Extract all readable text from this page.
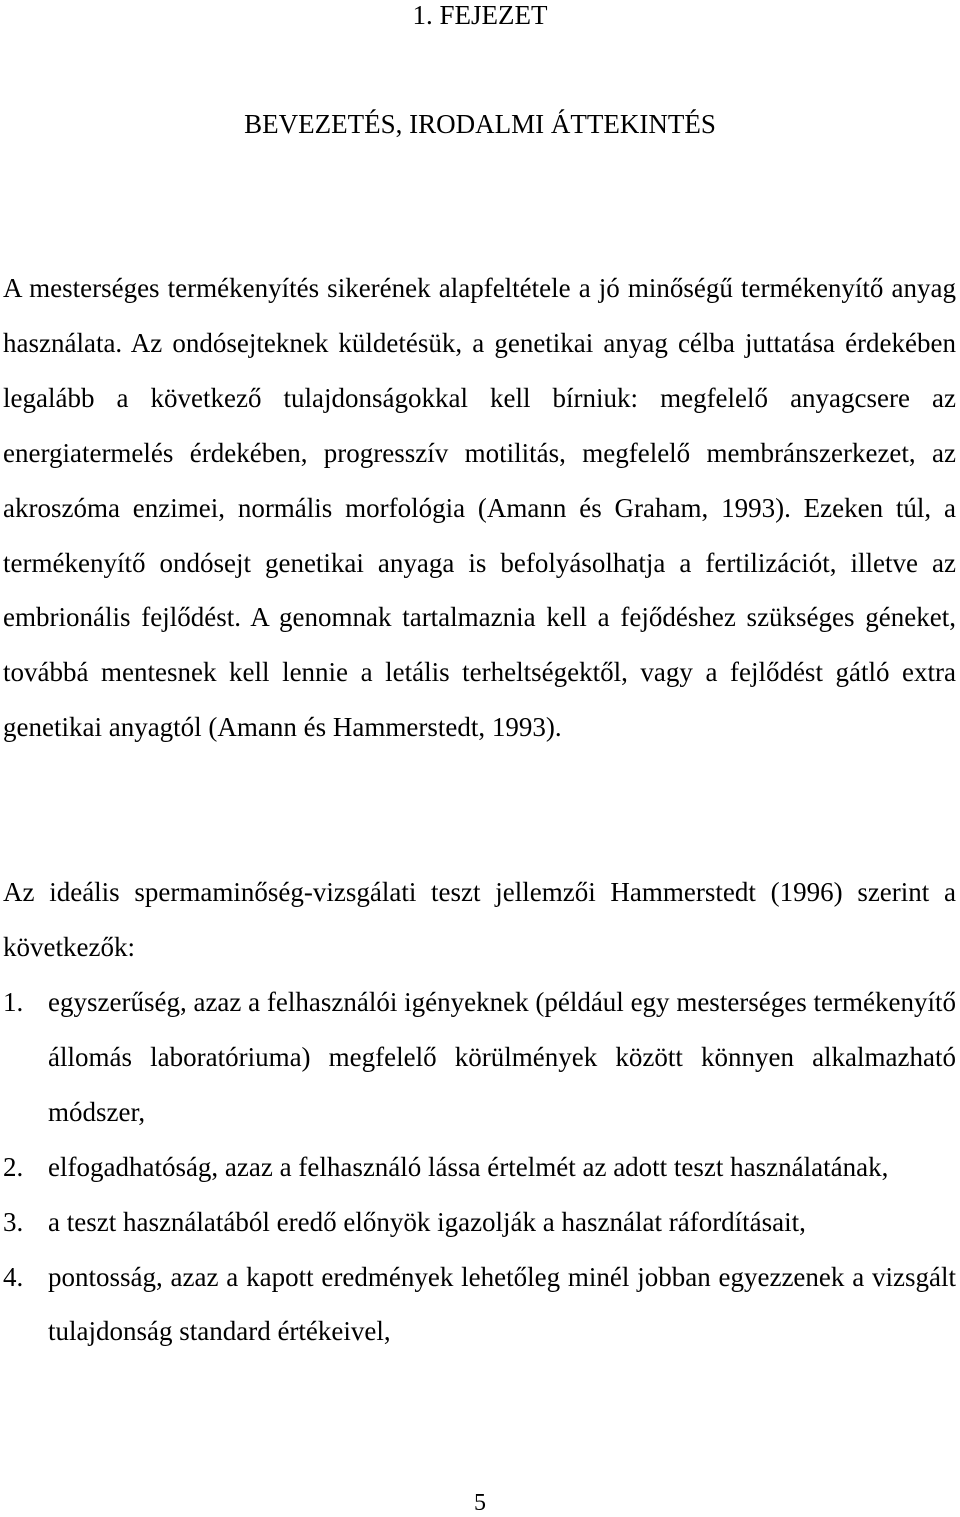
1. FEJEZET
BEVEZETÉS, IRODALMI ÁTTEKINTÉS

A mesterséges termékenyítés sikerének alapfeltétele a jó minőségű termékenyítő anyag használata. Az ondósejteknek küldetésük, a genetikai anyag célba juttatása érdekében legalább a következő tulajdonságokkal kell bírniuk: megfelelő anyagcsere az energiatermelés érdekében, progresszív motilitás, megfelelő membránszerkezet, az akroszóma enzimei, normális morfológia (Amann és Graham, 1993). Ezeken túl, a termékenyítő ondósejt genetikai anyaga is befolyásolhatja a fertilizációt, illetve az embrionális fejlődést. A genomnak tartalmaznia kell a fejődéshez szükséges géneket, továbbá mentesnek kell lennie a letális terheltségektől, vagy a fejlődést gátló extra genetikai anyagtól (Amann és Hammerstedt, 1993).

Az ideális spermaminőség-vizsgálati teszt jellemzői Hammerstedt (1996) szerint a következők:

1. egyszerűség, azaz a felhasználói igényeknek (például egy mesterséges termékenyítő állomás laboratóriuma) megfelelő körülmények között könnyen alkalmazható módszer,
2. elfogadhatóság, azaz a felhasználó lássa értelmét az adott teszt használatának,
3. a teszt használatából eredő előnyök igazolják a használat ráfordításait,
4. pontosság, azaz a kapott eredmények lehetőleg minél jobban egyezzenek a vizsgált tulajdonság standard értékeivel,
5
